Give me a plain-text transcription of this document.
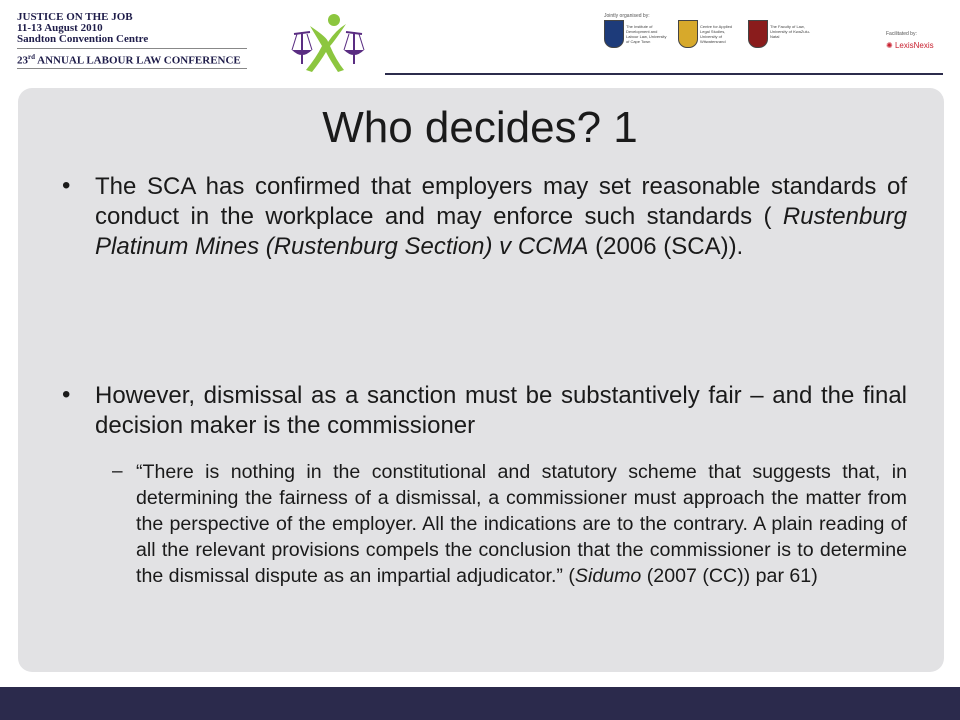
JUSTICE ON THE JOB
11-13 August 2010
Sandton Convention Centre
23rd ANNUAL LABOUR LAW CONFERENCE
Jointly organised by:
The Institute of Development and Labour Law, University of Cape Town
Centre for Applied Legal Studies, University of Witwatersrand
The Faculty of Law, University of KwaZulu-Natal	Facilitated by:
✺ LexisNexis
Who decides? 1
• The SCA has confirmed that employers may set reasonable standards of conduct in the workplace and may enforce such standards ( Rustenburg Platinum Mines (Rustenburg Section) v CCMA (2006 (SCA)).
• However, dismissal as a sanction must be substantively fair – and the final decision maker is the commissioner
– “There is nothing in the constitutional and statutory scheme that suggests that, in determining the fairness of a dismissal, a commissioner must approach the matter from the perspective of the employer. All the indications are to the contrary. A plain reading of all the relevant provisions compels the conclusion that the commissioner is to determine the dismissal dispute as an impartial adjudicator.” (Sidumo (2007 (CC)) par 61)
